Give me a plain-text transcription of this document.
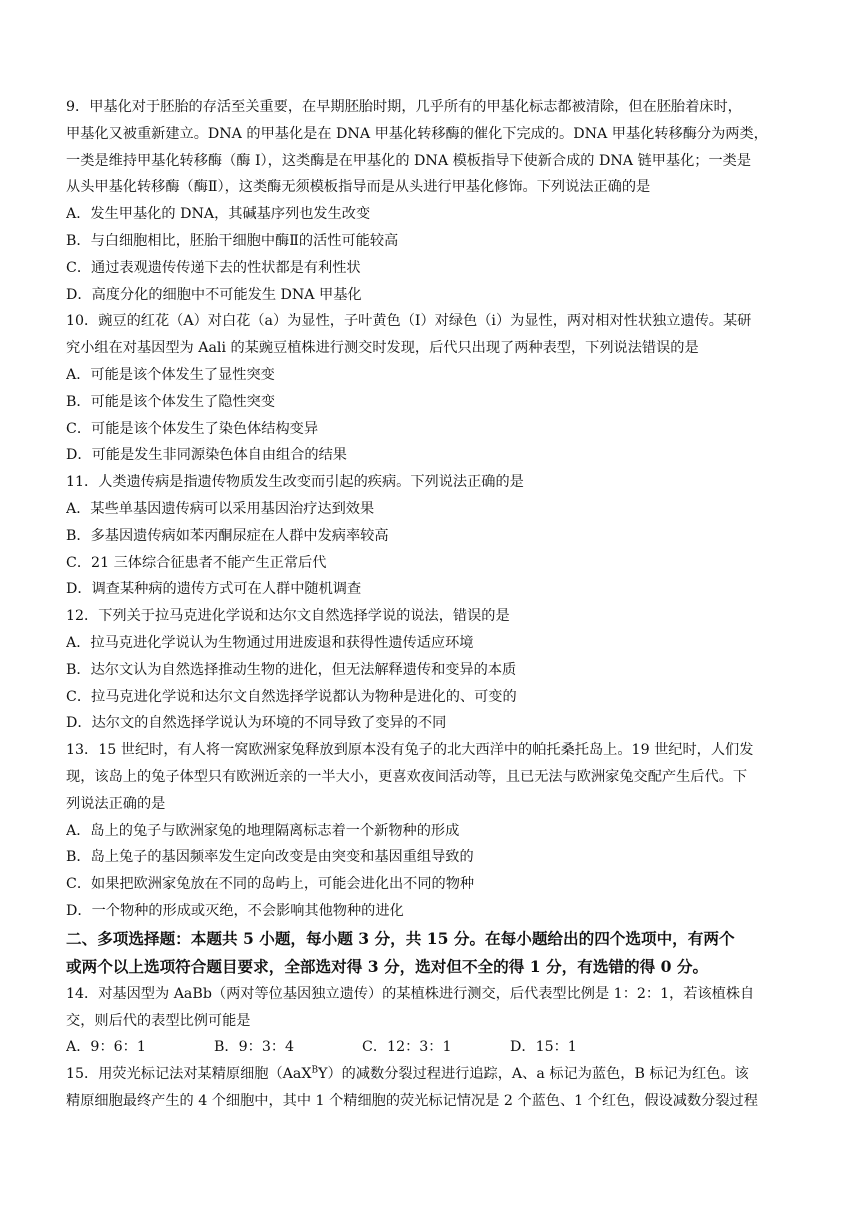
9．甲基化对于胚胎的存活至关重要，在早期胚胎时期，几乎所有的甲基化标志都被清除，但在胚胎着床时，
甲基化又被重新建立。DNA 的甲基化是在 DNA 甲基化转移酶的催化下完成的。DNA 甲基化转移酶分为两类，
一类是维持甲基化转移酶（酶 I），这类酶是在甲基化的 DNA 模板指导下使新合成的 DNA 链甲基化；一类是
从头甲基化转移酶（酶Ⅱ），这类酶无须模板指导而是从头进行甲基化修饰。下列说法正确的是
A．发生甲基化的 DNA，其碱基序列也发生改变
B．与白细胞相比，胚胎干细胞中酶Ⅱ的活性可能较高
C．通过表观遗传传递下去的性状都是有利性状
D．高度分化的细胞中不可能发生 DNA 甲基化
10．豌豆的红花（A）对白花（a）为显性，子叶黄色（I）对绿色（i）为显性，两对相对性状独立遗传。某研
究小组在对基因型为 Aali 的某豌豆植株进行测交时发现，后代只出现了两种表型，下列说法错误的是
A．可能是该个体发生了显性突变
B．可能是该个体发生了隐性突变
C．可能是该个体发生了染色体结构变异
D．可能是发生非同源染色体自由组合的结果
11．人类遗传病是指遗传物质发生改变而引起的疾病。下列说法正确的是
A．某些单基因遗传病可以采用基因治疗达到效果
B．多基因遗传病如苯丙酮尿症在人群中发病率较高
C．21 三体综合征患者不能产生正常后代
D．调查某种病的遗传方式可在人群中随机调查
12．下列关于拉马克进化学说和达尔文自然选择学说的说法，错误的是
A．拉马克进化学说认为生物通过用进废退和获得性遗传适应环境
B．达尔文认为自然选择推动生物的进化，但无法解释遗传和变异的本质
C．拉马克进化学说和达尔文自然选择学说都认为物种是进化的、可变的
D．达尔文的自然选择学说认为环境的不同导致了变异的不同
13．15 世纪时，有人将一窝欧洲家兔释放到原本没有兔子的北大西洋中的帕托桑托岛上。19 世纪时，人们发
现，该岛上的兔子体型只有欧洲近亲的一半大小，更喜欢夜间活动等，且已无法与欧洲家兔交配产生后代。下
列说法正确的是
A．岛上的兔子与欧洲家兔的地理隔离标志着一个新物种的形成
B．岛上兔子的基因频率发生定向改变是由突变和基因重组导致的
C．如果把欧洲家兔放在不同的岛屿上，可能会进化出不同的物种
D．一个物种的形成或灭绝，不会影响其他物种的进化
二、多项选择题：本题共 5 小题，每小题 3 分，共 15 分。在每小题给出的四个选项中，有两个
或两个以上选项符合题目要求，全部选对得 3 分，选对但不全的得 1 分，有选错的得 0 分。
14．对基因型为 AaBb（两对等位基因独立遗传）的某植株进行测交，后代表型比例是 1：2：1，若该植株自
交，则后代的表型比例可能是
A．9：6：1	B．9：3：4	C．12：3：1	D．15：1
15．用荧光标记法对某精原细胞（AaX$^B$Y）的减数分裂过程进行追踪，A、a 标记为蓝色，B 标记为红色。该
精原细胞最终产生的 4 个细胞中，其中 1 个精细胞的荧光标记情况是 2 个蓝色、1 个红色，假设减数分裂过程
